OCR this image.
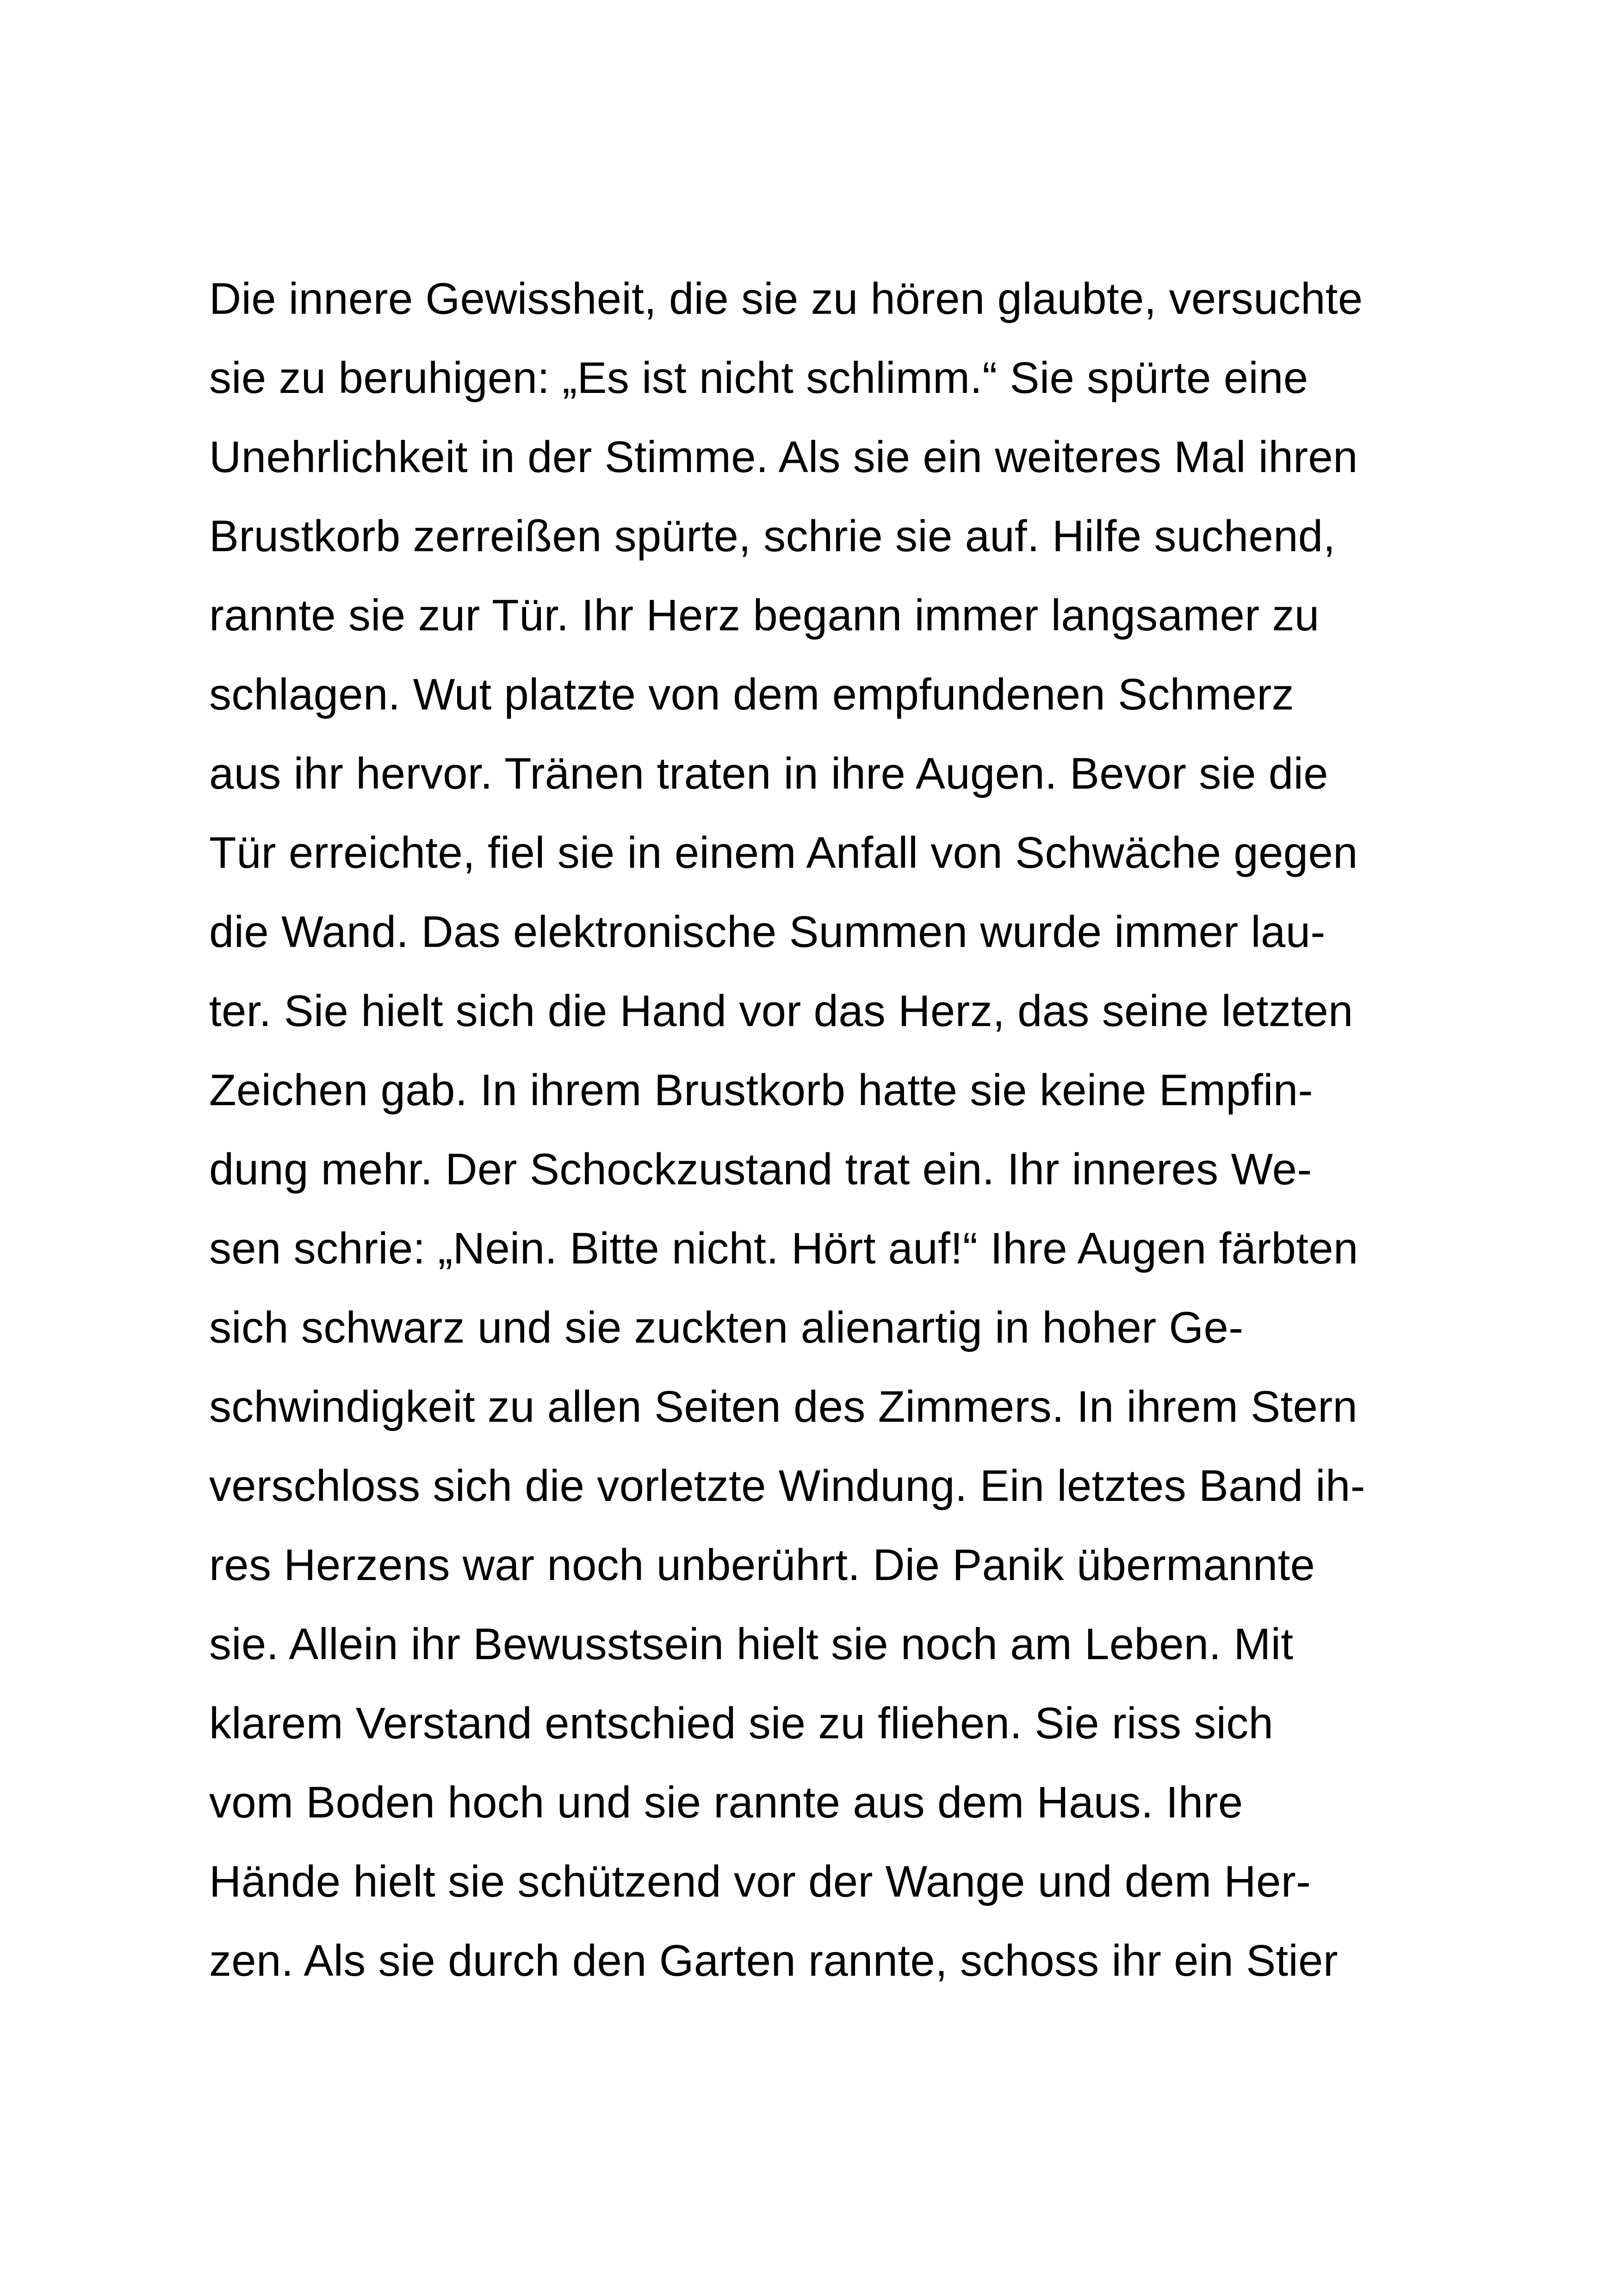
Die innere Gewissheit, die sie zu hören glaubte, versuchte
sie zu beruhigen: „Es ist nicht schlimm.“ Sie spürte eine
Unehrlichkeit in der Stimme. Als sie ein weiteres Mal ihren
Brustkorb zerreißen spürte, schrie sie auf. Hilfe suchend,
rannte sie zur Tür. Ihr Herz begann immer langsamer zu
schlagen. Wut platzte von dem empfundenen Schmerz
aus ihr hervor. Tränen traten in ihre Augen. Bevor sie die
Tür erreichte, fiel sie in einem Anfall von Schwäche gegen
die Wand. Das elektronische Summen wurde immer lau-
ter. Sie hielt sich die Hand vor das Herz, das seine letzten
Zeichen gab. In ihrem Brustkorb hatte sie keine Empfin-
dung mehr. Der Schockzustand trat ein. Ihr inneres We-
sen schrie: „Nein. Bitte nicht. Hört auf!“ Ihre Augen färbten
sich schwarz und sie zuckten alienartig in hoher Ge-
schwindigkeit zu allen Seiten des Zimmers. In ihrem Stern
verschloss sich die vorletzte Windung. Ein letztes Band ih-
res Herzens war noch unberührt. Die Panik übermannte
sie. Allein ihr Bewusstsein hielt sie noch am Leben. Mit
klarem Verstand entschied sie zu fliehen. Sie riss sich
vom Boden hoch und sie rannte aus dem Haus. Ihre
Hände hielt sie schützend vor der Wange und dem Her-
zen. Als sie durch den Garten rannte, schoss ihr ein Stier
